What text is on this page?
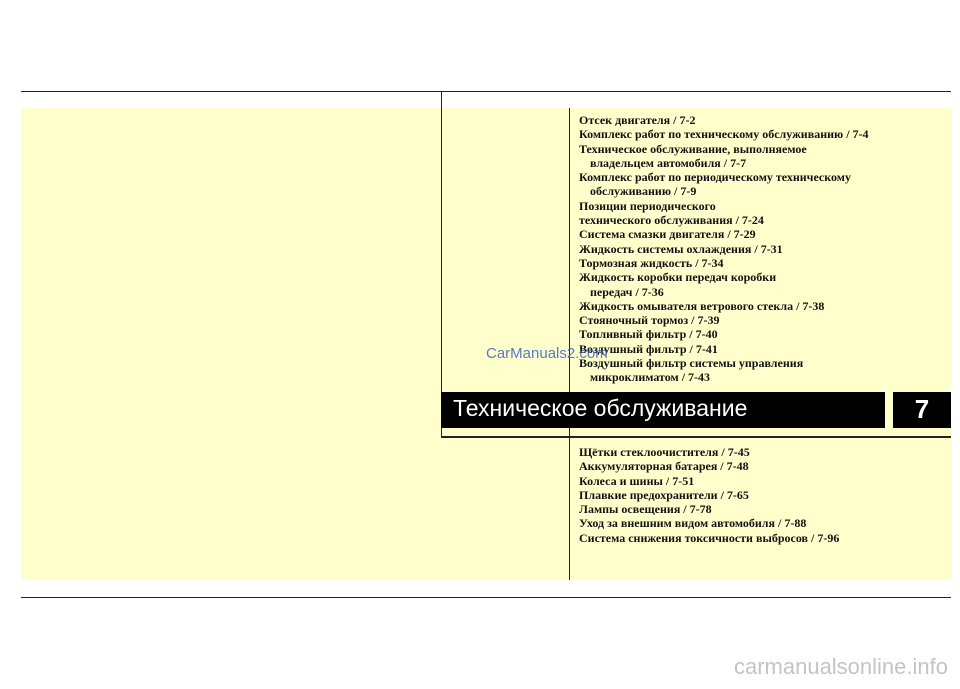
Отсек двигателя / 7-2
Комплекс работ по техническому обслуживанию / 7-4
Техническое обслуживание, выполняемое
владельцем автомобиля / 7-7
Комплекс работ по периодическому техническому
обслуживанию / 7-9
Позиции периодического
технического обслуживания / 7-24
Система смазки двигателя / 7-29
Жидкость системы охлаждения / 7-31
Тормозная жидкость / 7-34
Жидкость коробки передач коробки
передач / 7-36
Жидкость омывателя ветрового стекла / 7-38
Стояночный тормоз / 7-39
Топливный фильтр / 7-40
Воздушный фильтр / 7-41
Воздушный фильтр системы управления
микроклиматом / 7-43
Техническое обслуживание	7
Щётки стеклоочистителя / 7-45
Аккумуляторная батарея / 7-48
Колеса и шины / 7-51
Плавкие предохранители / 7-65
Лампы освещения / 7-78
Уход за внешним видом автомобиля / 7-88
Система снижения токсичности выбросов / 7-96
CarManuals2.com
carmanualsonline.info
